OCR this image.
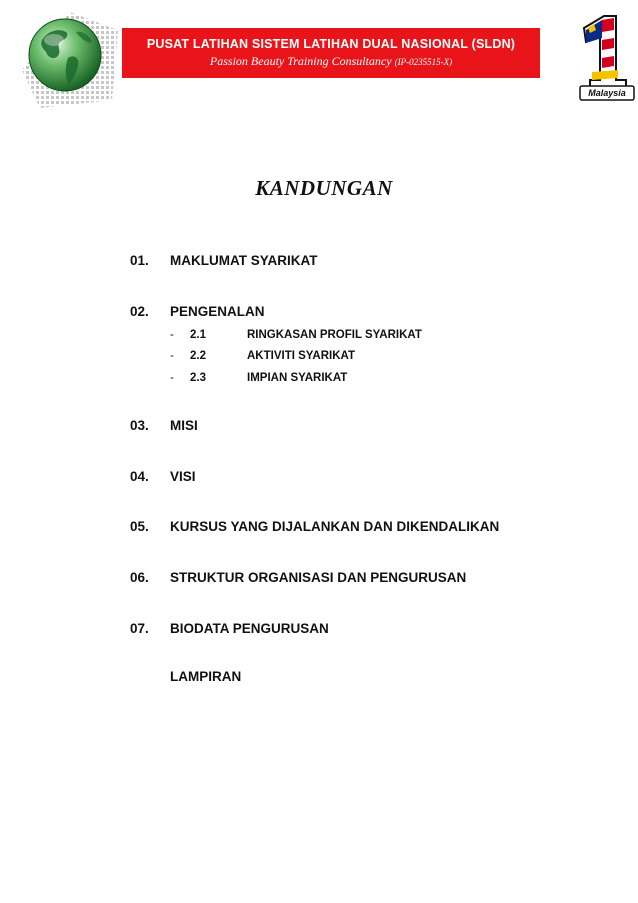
PUSAT LATIHAN SISTEM LATIHAN DUAL NASIONAL (SLDN)
Passion Beauty Training Consultancy (IP-0235515-X)
Malaysia
KANDUNGAN
01. MAKLUMAT SYARIKAT
02. PENGENALAN
- 2.1	RINGKASAN PROFIL SYARIKAT
- 2.2	AKTIVITI SYARIKAT
- 2.3	IMPIAN SYARIKAT
03. MISI
04. VISI
05. KURSUS YANG DIJALANKAN DAN DIKENDALIKAN
06. STRUKTUR ORGANISASI DAN PENGURUSAN
07. BIODATA PENGURUSAN
LAMPIRAN
